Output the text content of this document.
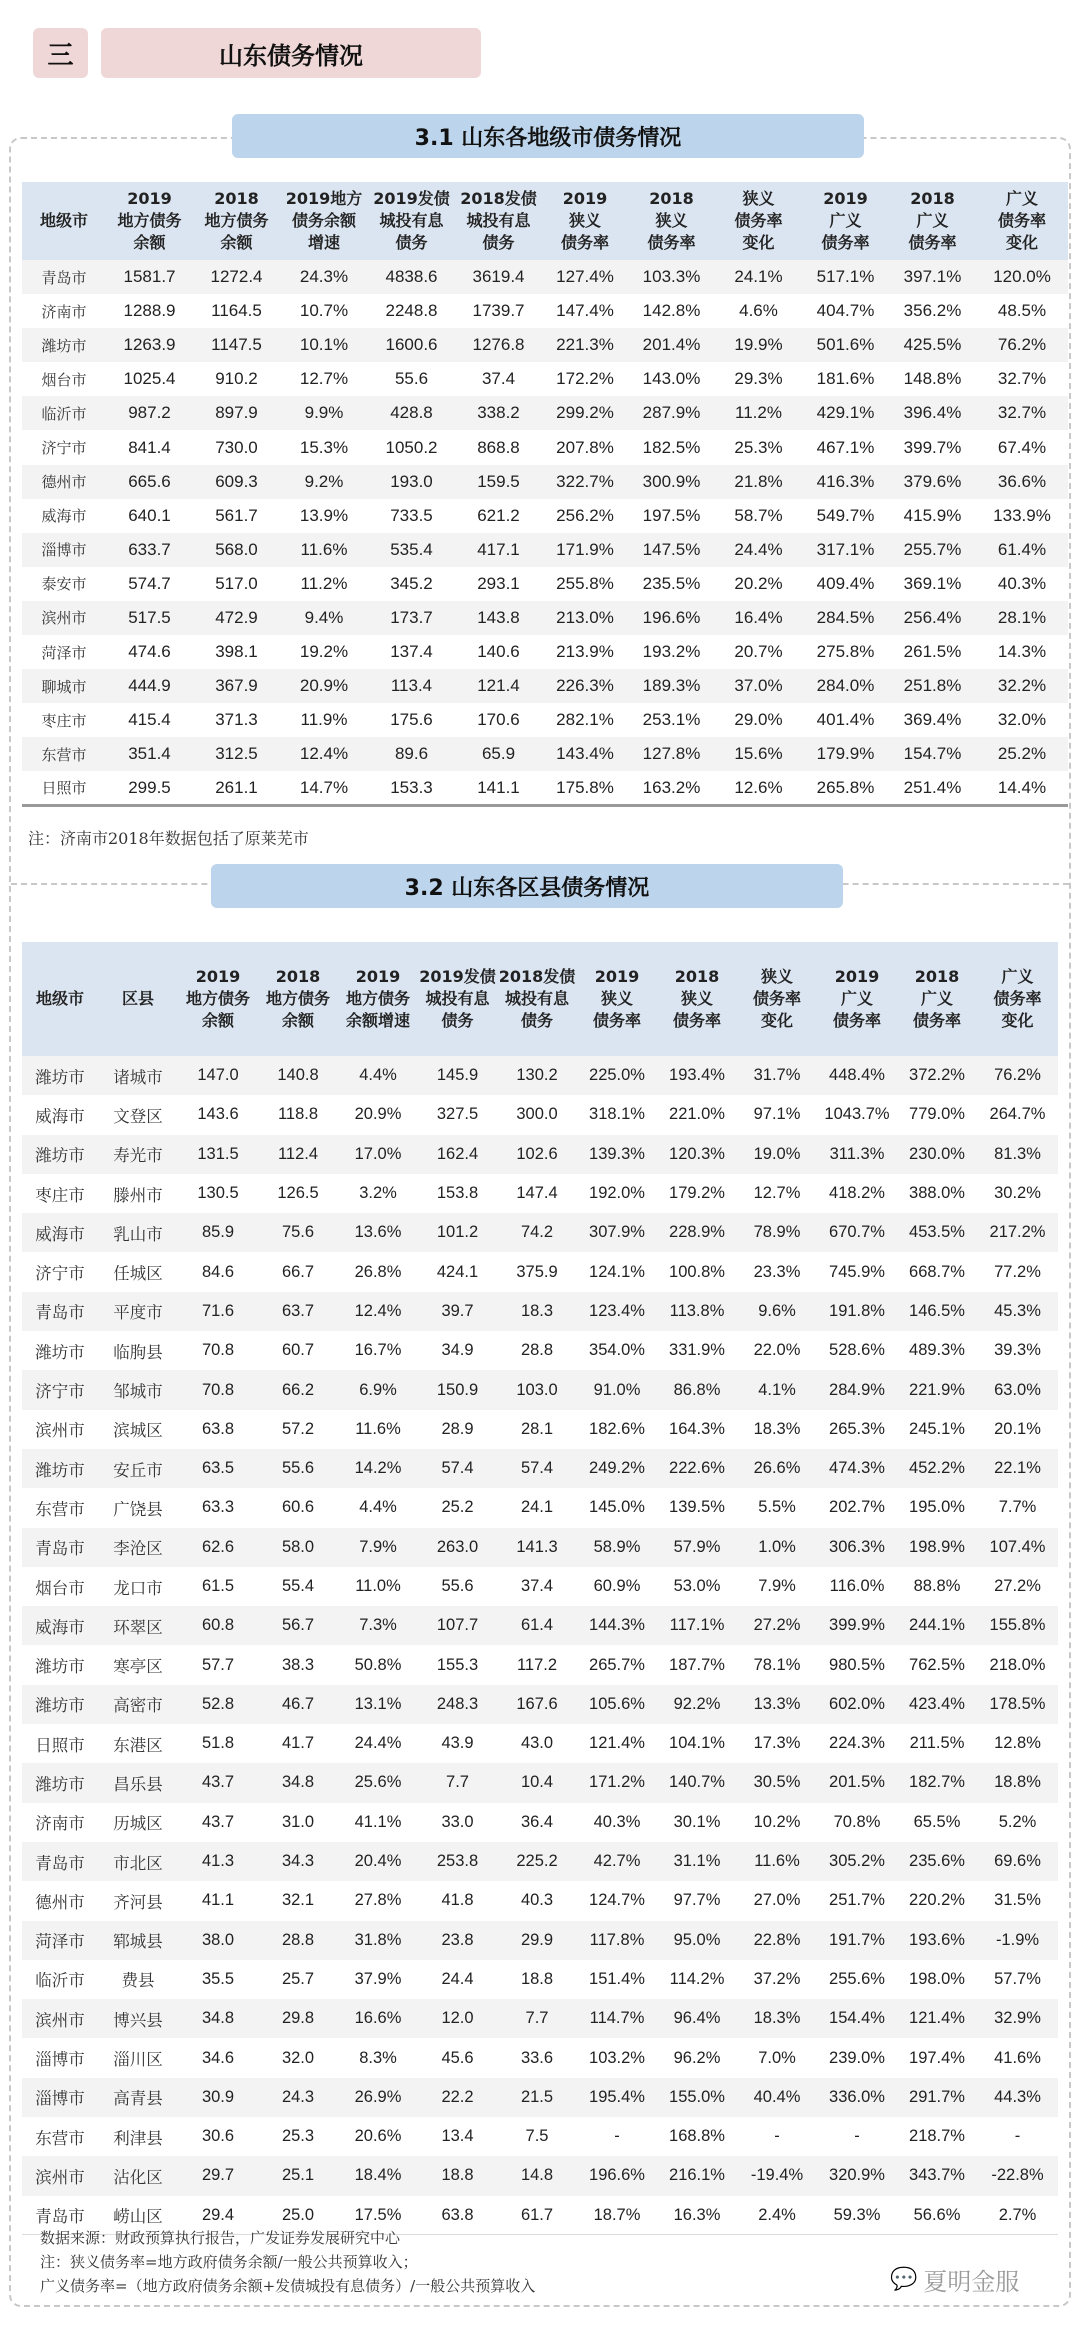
三	山东债务情况
3.1 山东各地级市债务情况
地级市

2019
地方债务
余额

2018
地方债务
余额

2019地方
债务余额
增速

2019发债
城投有息
债务

2018发债
城投有息
债务

2019
狭义
债务率

2018
狭义
债务率

狭义
债务率
变化

2019
广义
债务率

2018
广义
债务率

广义
债务率
变化

青岛市	1581.7	1272.4	24.3%	4838.6	3619.4	127.4%	103.3%	24.1%	517.1%	397.1%	120.0%
济南市	1288.9	1164.5	10.7%	2248.8	1739.7	147.4%	142.8%	4.6%	404.7%	356.2%	48.5%
潍坊市	1263.9	1147.5	10.1%	1600.6	1276.8	221.3%	201.4%	19.9%	501.6%	425.5%	76.2%
烟台市	1025.4	910.2	12.7%	55.6	37.4	172.2%	143.0%	29.3%	181.6%	148.8%	32.7%
临沂市	987.2	897.9	9.9%	428.8	338.2	299.2%	287.9%	11.2%	429.1%	396.4%	32.7%
济宁市	841.4	730.0	15.3%	1050.2	868.8	207.8%	182.5%	25.3%	467.1%	399.7%	67.4%
德州市	665.6	609.3	9.2%	193.0	159.5	322.7%	300.9%	21.8%	416.3%	379.6%	36.6%
威海市	640.1	561.7	13.9%	733.5	621.2	256.2%	197.5%	58.7%	549.7%	415.9%	133.9%
淄博市	633.7	568.0	11.6%	535.4	417.1	171.9%	147.5%	24.4%	317.1%	255.7%	61.4%
泰安市	574.7	517.0	11.2%	345.2	293.1	255.8%	235.5%	20.2%	409.4%	369.1%	40.3%
滨州市	517.5	472.9	9.4%	173.7	143.8	213.0%	196.6%	16.4%	284.5%	256.4%	28.1%
菏泽市	474.6	398.1	19.2%	137.4	140.6	213.9%	193.2%	20.7%	275.8%	261.5%	14.3%
聊城市	444.9	367.9	20.9%	113.4	121.4	226.3%	189.3%	37.0%	284.0%	251.8%	32.2%
枣庄市	415.4	371.3	11.9%	175.6	170.6	282.1%	253.1%	29.0%	401.4%	369.4%	32.0%
东营市	351.4	312.5	12.4%	89.6	65.9	143.4%	127.8%	15.6%	179.9%	154.7%	25.2%
日照市	299.5	261.1	14.7%	153.3	141.1	175.8%	163.2%	12.6%	265.8%	251.4%	14.4%
注：济南市2018年数据包括了原莱芜市
3.2 山东各区县债务情况
地级市	区县

2019
地方债务
余额

2018
地方债务
余额

2019
地方债务
余额增速

2019发债
城投有息
债务

2018发债
城投有息
债务

2019
狭义
债务率

2018
狭义
债务率

狭义
债务率
变化

2019
广义
债务率

2018
广义
债务率

广义
债务率
变化

潍坊市	诸城市	147.0	140.8	4.4%	145.9	130.2	225.0%	193.4%	31.7%	448.4%	372.2%	76.2%
威海市	文登区	143.6	118.8	20.9%	327.5	300.0	318.1%	221.0%	97.1%	1043.7%	779.0%	264.7%
潍坊市	寿光市	131.5	112.4	17.0%	162.4	102.6	139.3%	120.3%	19.0%	311.3%	230.0%	81.3%
枣庄市	滕州市	130.5	126.5	3.2%	153.8	147.4	192.0%	179.2%	12.7%	418.2%	388.0%	30.2%
威海市	乳山市	85.9	75.6	13.6%	101.2	74.2	307.9%	228.9%	78.9%	670.7%	453.5%	217.2%
济宁市	任城区	84.6	66.7	26.8%	424.1	375.9	124.1%	100.8%	23.3%	745.9%	668.7%	77.2%
青岛市	平度市	71.6	63.7	12.4%	39.7	18.3	123.4%	113.8%	9.6%	191.8%	146.5%	45.3%
潍坊市	临朐县	70.8	60.7	16.7%	34.9	28.8	354.0%	331.9%	22.0%	528.6%	489.3%	39.3%
济宁市	邹城市	70.8	66.2	6.9%	150.9	103.0	91.0%	86.8%	4.1%	284.9%	221.9%	63.0%
滨州市	滨城区	63.8	57.2	11.6%	28.9	28.1	182.6%	164.3%	18.3%	265.3%	245.1%	20.1%
潍坊市	安丘市	63.5	55.6	14.2%	57.4	57.4	249.2%	222.6%	26.6%	474.3%	452.2%	22.1%
东营市	广饶县	63.3	60.6	4.4%	25.2	24.1	145.0%	139.5%	5.5%	202.7%	195.0%	7.7%
青岛市	李沧区	62.6	58.0	7.9%	263.0	141.3	58.9%	57.9%	1.0%	306.3%	198.9%	107.4%
烟台市	龙口市	61.5	55.4	11.0%	55.6	37.4	60.9%	53.0%	7.9%	116.0%	88.8%	27.2%
威海市	环翠区	60.8	56.7	7.3%	107.7	61.4	144.3%	117.1%	27.2%	399.9%	244.1%	155.8%
潍坊市	寒亭区	57.7	38.3	50.8%	155.3	117.2	265.7%	187.7%	78.1%	980.5%	762.5%	218.0%
潍坊市	高密市	52.8	46.7	13.1%	248.3	167.6	105.6%	92.2%	13.3%	602.0%	423.4%	178.5%
日照市	东港区	51.8	41.7	24.4%	43.9	43.0	121.4%	104.1%	17.3%	224.3%	211.5%	12.8%
潍坊市	昌乐县	43.7	34.8	25.6%	7.7	10.4	171.2%	140.7%	30.5%	201.5%	182.7%	18.8%
济南市	历城区	43.7	31.0	41.1%	33.0	36.4	40.3%	30.1%	10.2%	70.8%	65.5%	5.2%
青岛市	市北区	41.3	34.3	20.4%	253.8	225.2	42.7%	31.1%	11.6%	305.2%	235.6%	69.6%
德州市	齐河县	41.1	32.1	27.8%	41.8	40.3	124.7%	97.7%	27.0%	251.7%	220.2%	31.5%
菏泽市	郓城县	38.0	28.8	31.8%	23.8	29.9	117.8%	95.0%	22.8%	191.7%	193.6%	-1.9%
临沂市	费县	35.5	25.7	37.9%	24.4	18.8	151.4%	114.2%	37.2%	255.6%	198.0%	57.7%
滨州市	博兴县	34.8	29.8	16.6%	12.0	7.7	114.7%	96.4%	18.3%	154.4%	121.4%	32.9%
淄博市	淄川区	34.6	32.0	8.3%	45.6	33.6	103.2%	96.2%	7.0%	239.0%	197.4%	41.6%
淄博市	高青县	30.9	24.3	26.9%	22.2	21.5	195.4%	155.0%	40.4%	336.0%	291.7%	44.3%
东营市	利津县	30.6	25.3	20.6%	13.4	7.5	-	168.8%	-	-	218.7%	-
滨州市	沾化区	29.7	25.1	18.4%	18.8	14.8	196.6%	216.1%	-19.4%	320.9%	343.7%	-22.8%
青岛市	崂山区	29.4	25.0	17.5%	63.8	61.7	18.7%	16.3%	2.4%	59.3%	56.6%	2.7%
数据来源：财政预算执行报告，广发证券发展研究中心
注：狭义债务率=地方政府债务余额/一般公共预算收入；
广义债务率=（地方政府债务余额+发债城投有息债务）/一般公共预算收入	💬 夏明金服
